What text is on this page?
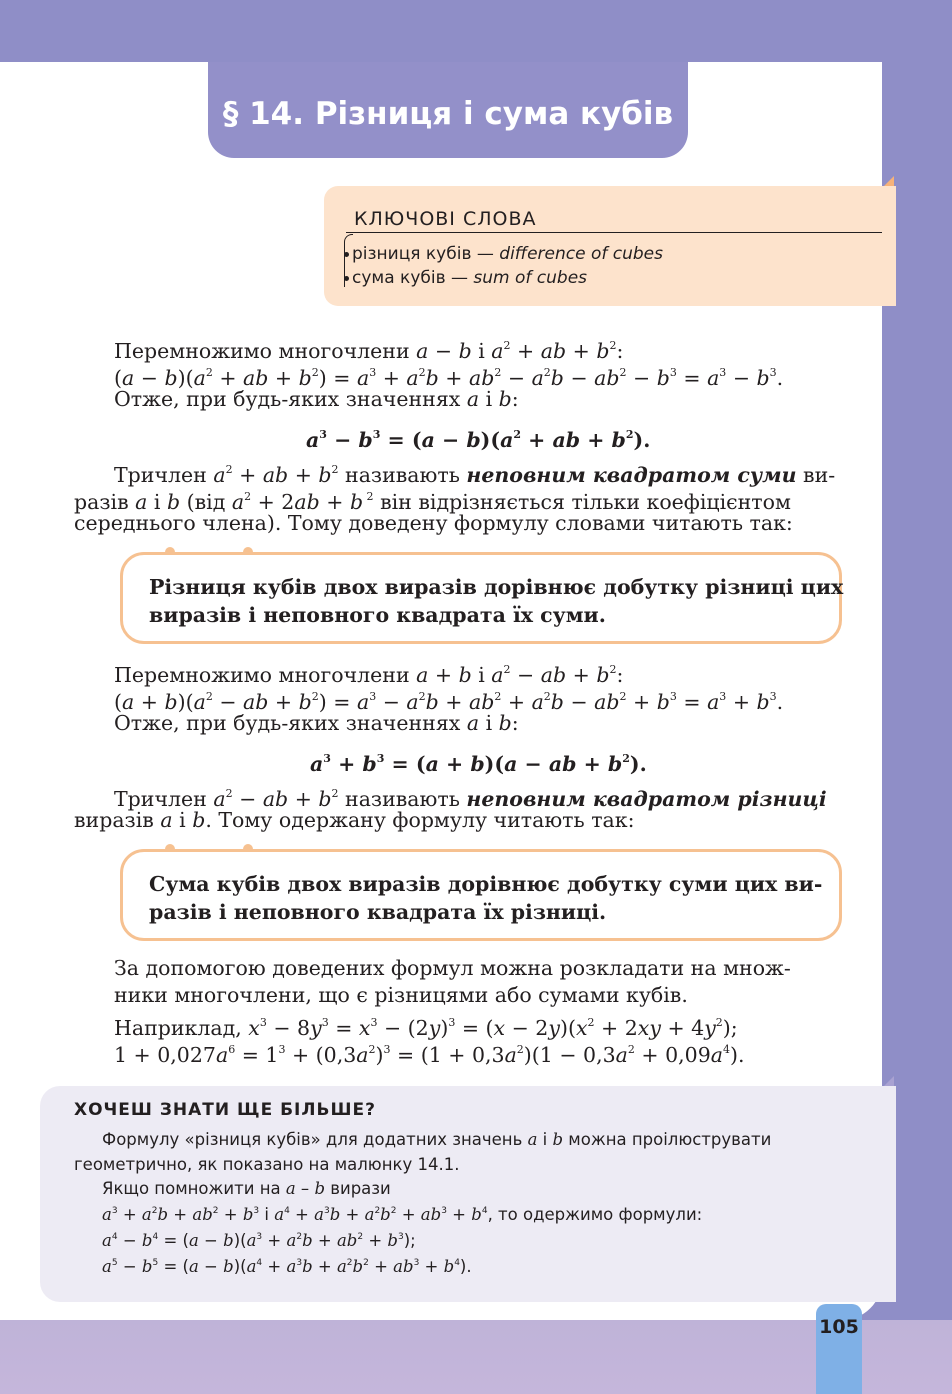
§ 14. Різниця і сума кубів
КЛЮЧОВІ СЛОВА
різниця кубів — difference of cubes
сума кубів — sum of cubes
Перемножимо многочлени a − b і $a^2$ + ab + $b^2$:
$(a - b)(a^2$ + ab + $b^2) = a^3 + a^2b + ab^2 - a^2b - ab^2 - b^3 = a^3 - b^3$.
Отже, при будь-яких значеннях a і b:
$a^3 - b^3 = (a - b)(a^2$ + ab + $b^2$).
Тричлен $a^2$ + ab + $b^2$ називають неповним квадратом суми ви-
разів a і b (від $a^2 + 2ab + b$ $^2$ він відрізняється тільки коефіцієнтом
середнього члена). Тому доведену формулу словами читають так:
Різниця кубів двох виразів дорівнює добутку різниці цих
виразів і неповного квадрата їх суми.
Перемножимо многочлени a + b і $a^2$ − ab + $b^2$:
$(a + b)(a^2$ − ab + $b^2) = a^3 - a^2b + ab^2 + a^2b - ab^2 + b^3 = a^3 + b^3$.
Отже, при будь-яких значеннях a і b:
$a^3 + b^3 = (a + b)(a$ − ab + $b^2$).
Тричлен $a^2$ − ab + $b^2$ називають неповним квадратом різниці
виразів a і b. Тому одержану формулу читають так:
Сума кубів двох виразів дорівнює добутку суми цих ви-
разів і неповного квадрата їх різниці.
За допомогою доведених формул можна розкладати на множ-
ники многочлени, що є різницями або сумами кубів.
Наприклад, $x^3 - 8y^3 = x^3 - (2y)^3 = (x - 2y)(x^2 + 2xy + 4y^2)$;
$1 + 0,027a^6 = 1^3 + (0,3a^2)^3 = (1 + 0,3a^2)(1 - 0,3a^2 + 0,09a^4)$.
ХОЧЕШ ЗНАТИ ЩЕ БІЛЬШЕ?
Формулу «різниця кубів» для додатних значень a і b можна проілюструвати
геометрично, як показано на малюнку 14.1.
Якщо помножити на a – b вирази
$a^3 + a^2b + ab^2 + b^3$ і $a^4 + a^3b + a^2b^2 + ab^3 + b^4$, то одержимо формули:
$a^4 - b^4 = (a - b)(a^3 + a^2b + ab^2 + b^3)$;
$a^5 - b^5 = (a - b)(a^4 + a^3b + a^2b^2 + ab^3 + b^4)$.
105
